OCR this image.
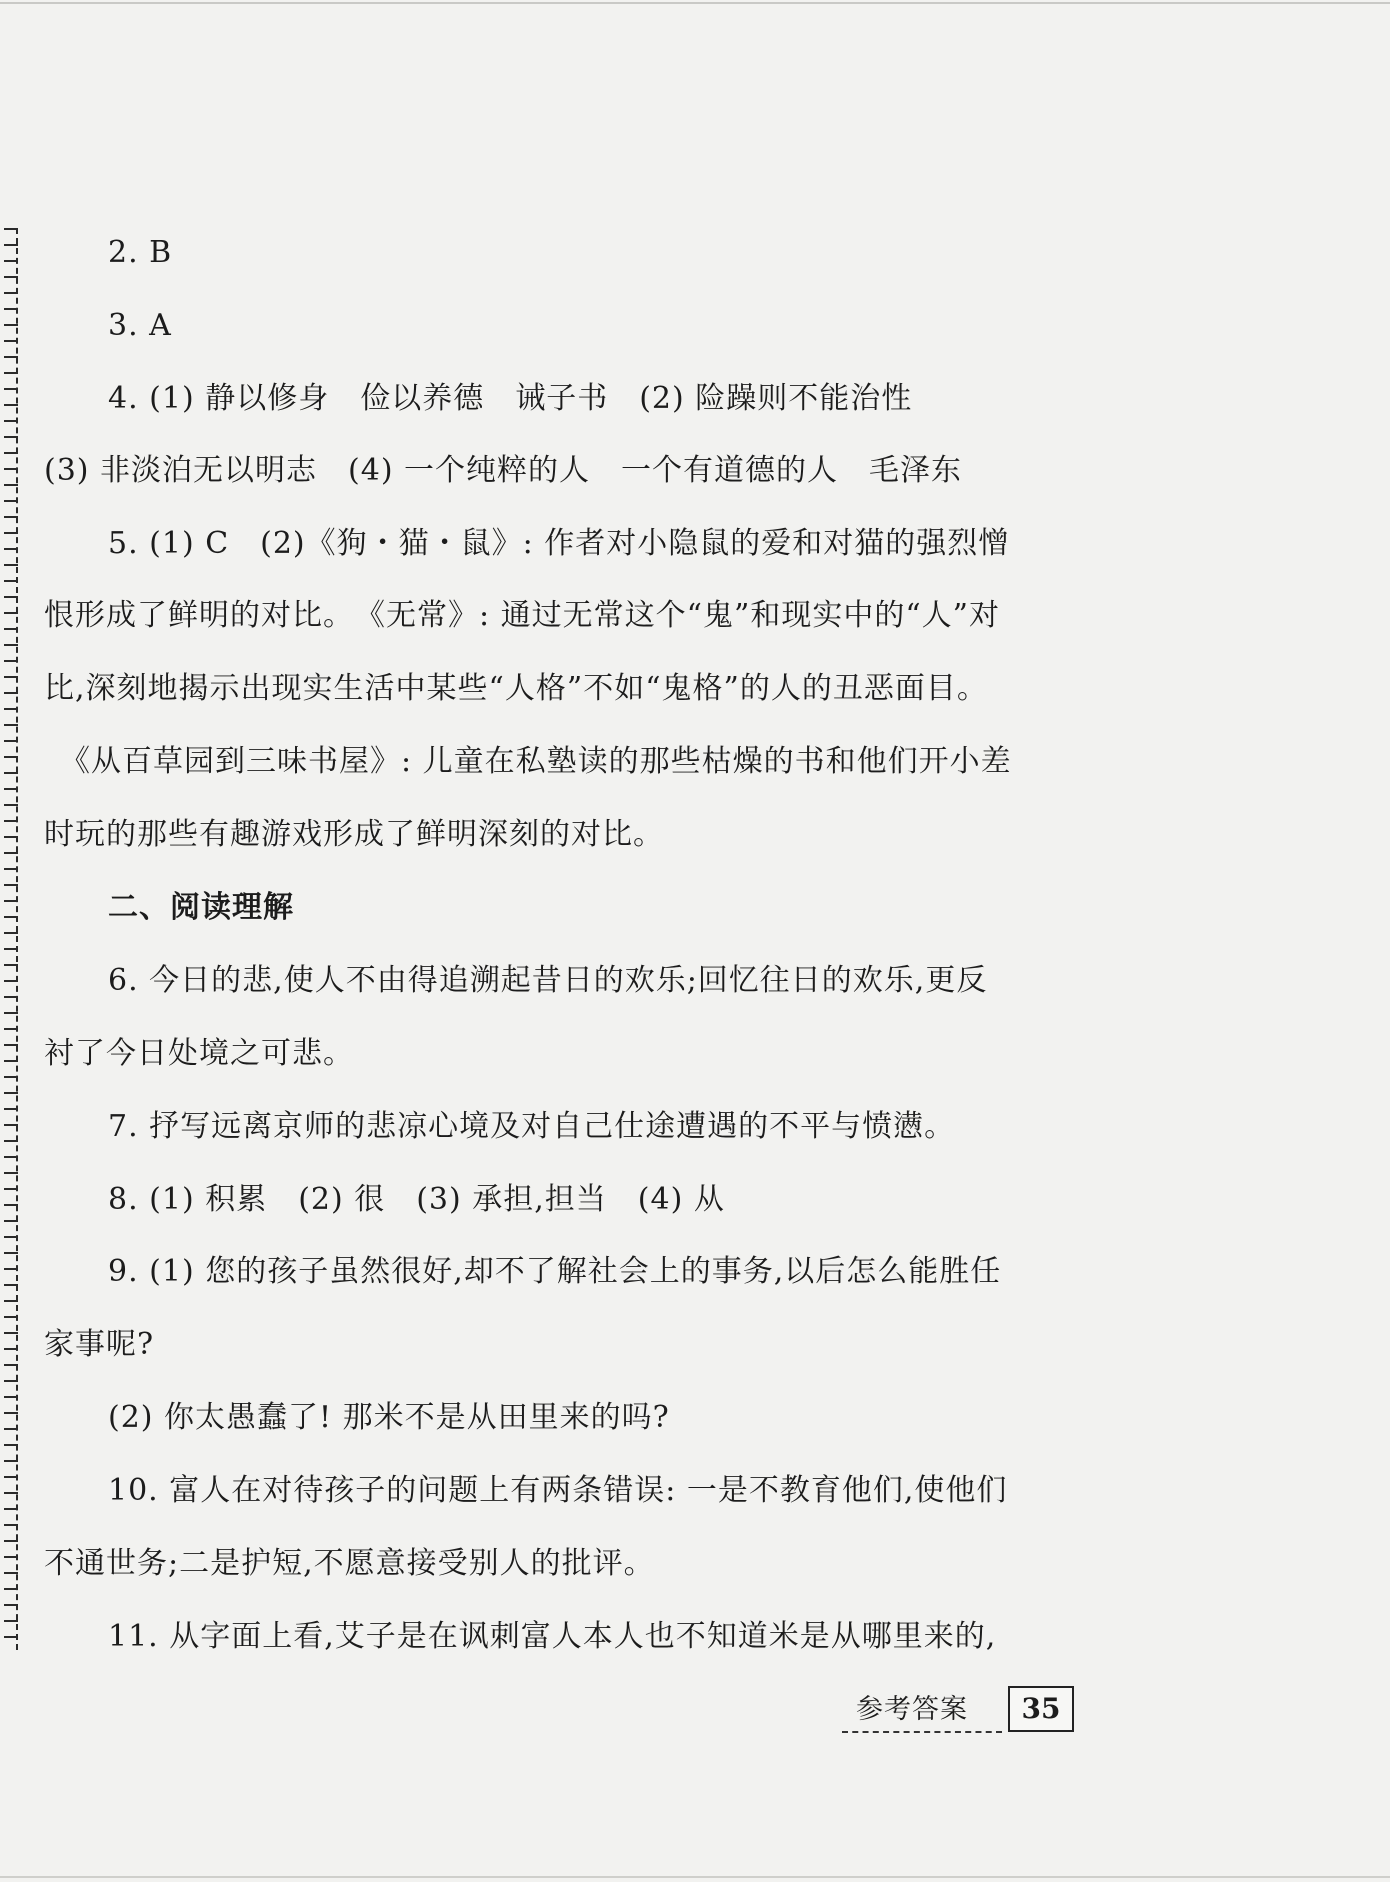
2. B
3. A
4. (1) 静以修身　俭以养德　诫子书　(2) 险躁则不能治性
(3) 非淡泊无以明志　(4) 一个纯粹的人　一个有道德的人　毛泽东
5. (1) C　(2)《狗・猫・鼠》: 作者对小隐鼠的爱和对猫的强烈憎
恨形成了鲜明的对比。　《无常》: 通过无常这个“鬼”和现实中的“人”对
比,深刻地揭示出现实生活中某些“人格”不如“鬼格”的人的丑恶面目。
《从百草园到三味书屋》: 儿童在私塾读的那些枯燥的书和他们开小差
时玩的那些有趣游戏形成了鲜明深刻的对比。
二、阅读理解
6. 今日的悲,使人不由得追溯起昔日的欢乐;回忆往日的欢乐,更反
衬了今日处境之可悲。
7. 抒写远离京师的悲凉心境及对自己仕途遭遇的不平与愤懑。
8. (1) 积累　(2) 很　(3) 承担,担当　(4) 从
9. (1) 您的孩子虽然很好,却不了解社会上的事务,以后怎么能胜任
家事呢?
(2) 你太愚蠢了! 那米不是从田里来的吗?
10. 富人在对待孩子的问题上有两条错误: 一是不教育他们,使他们
不通世务;二是护短,不愿意接受别人的批评。
11. 从字面上看,艾子是在讽刺富人本人也不知道米是从哪里来的,
参考答案	35
